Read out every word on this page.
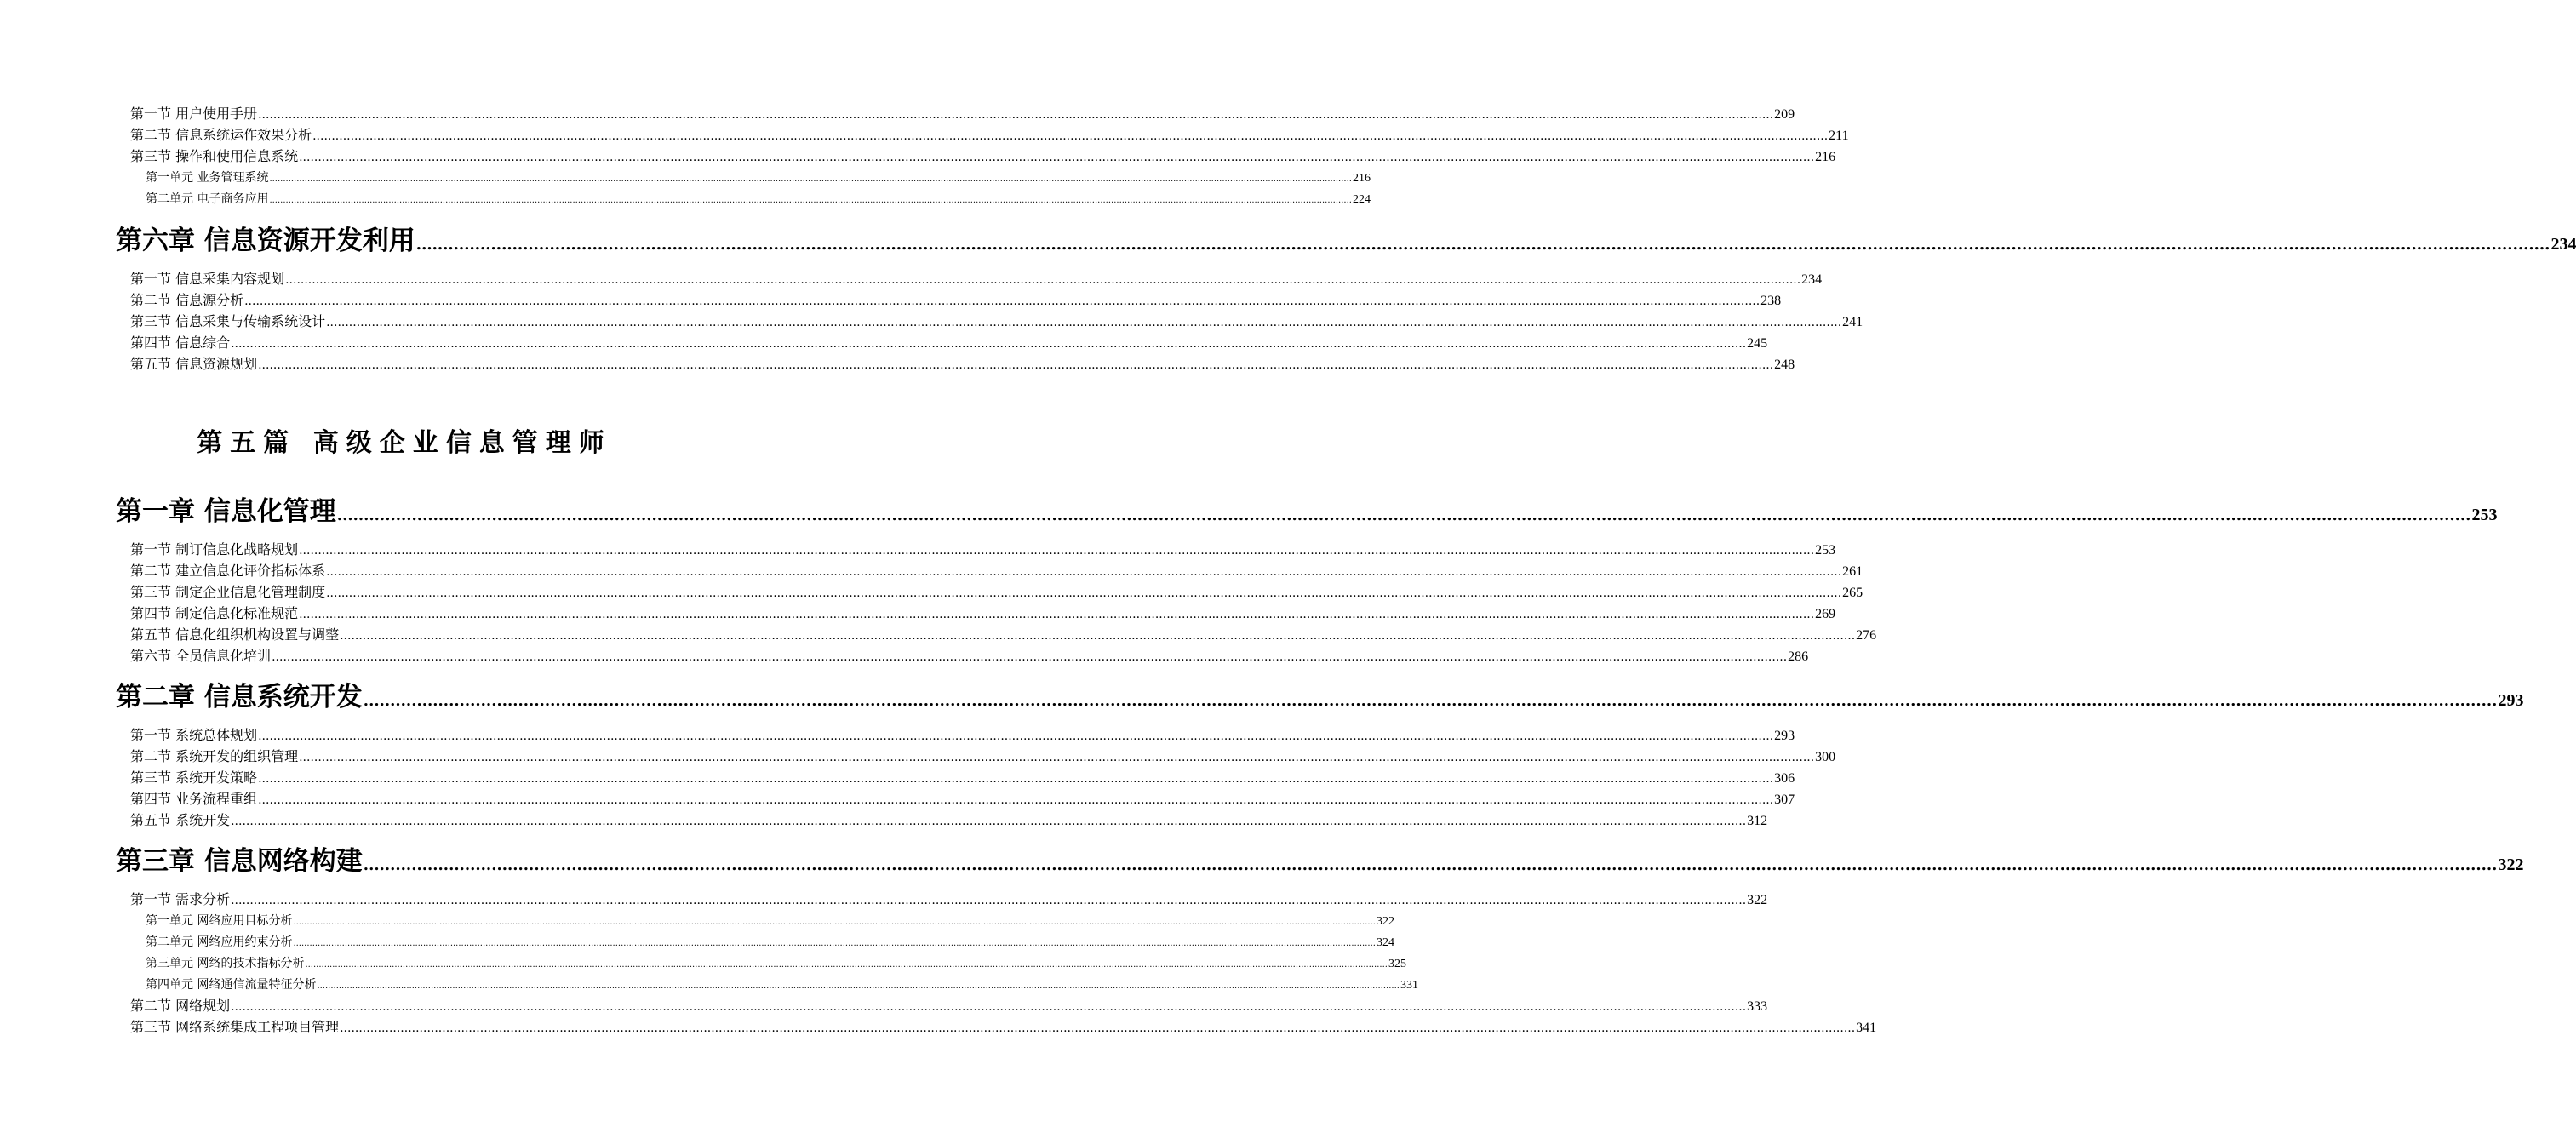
第五篇 高级企业信息管理师
第一节 用户使用手册 ................................................................................................................................................................................................................................................................................................................................................................................................................ 209
第二节 信息系统运作效果分析 ................................................................................................................................................................................................................................................................................................................................................................................................................ 211
第三节 操作和使用信息系统 ................................................................................................................................................................................................................................................................................................................................................................................................................ 216
第一单元 业务管理系统 ................................................................................................................................................................................................................................................................................................................................................................................................................ 216
第二单元 电子商务应用 ................................................................................................................................................................................................................................................................................................................................................................................................................ 224
第六章 信息资源开发利用 ................................................................................................................................................................................................................................................................................................................................................................................................................ 234
第一节 信息采集内容规划 ................................................................................................................................................................................................................................................................................................................................................................................................................ 234
第二节 信息源分析 ................................................................................................................................................................................................................................................................................................................................................................................................................ 238
第三节 信息采集与传输系统设计 ................................................................................................................................................................................................................................................................................................................................................................................................................ 241
第四节 信息综合 ................................................................................................................................................................................................................................................................................................................................................................................................................ 245
第五节 信息资源规划 ................................................................................................................................................................................................................................................................................................................................................................................................................ 248
第一章 信息化管理 ................................................................................................................................................................................................................................................................................................................................................................................................................ 253
第一节 制订信息化战略规划 ................................................................................................................................................................................................................................................................................................................................................................................................................ 253
第二节 建立信息化评价指标体系 ................................................................................................................................................................................................................................................................................................................................................................................................................ 261
第三节 制定企业信息化管理制度 ................................................................................................................................................................................................................................................................................................................................................................................................................ 265
第四节 制定信息化标准规范 ................................................................................................................................................................................................................................................................................................................................................................................................................ 269
第五节 信息化组织机构设置与调整 ................................................................................................................................................................................................................................................................................................................................................................................................................ 276
第六节 全员信息化培训 ................................................................................................................................................................................................................................................................................................................................................................................................................ 286
第二章 信息系统开发 ................................................................................................................................................................................................................................................................................................................................................................................................................ 293
第一节 系统总体规划 ................................................................................................................................................................................................................................................................................................................................................................................................................ 293
第二节 系统开发的组织管理 ................................................................................................................................................................................................................................................................................................................................................................................................................ 300
第三节 系统开发策略 ................................................................................................................................................................................................................................................................................................................................................................................................................ 306
第四节 业务流程重组 ................................................................................................................................................................................................................................................................................................................................................................................................................ 307
第五节 系统开发 ................................................................................................................................................................................................................................................................................................................................................................................................................ 312
第三章 信息网络构建 ................................................................................................................................................................................................................................................................................................................................................................................................................ 322
第一节 需求分析 ................................................................................................................................................................................................................................................................................................................................................................................................................ 322
第一单元 网络应用目标分析 ................................................................................................................................................................................................................................................................................................................................................................................................................ 322
第二单元 网络应用约束分析 ................................................................................................................................................................................................................................................................................................................................................................................................................ 324
第三单元 网络的技术指标分析 ................................................................................................................................................................................................................................................................................................................................................................................................................ 325
第四单元 网络通信流量特征分析 ................................................................................................................................................................................................................................................................................................................................................................................................................ 331
第二节 网络规划 ................................................................................................................................................................................................................................................................................................................................................................................................................ 333
第三节 网络系统集成工程项目管理 ................................................................................................................................................................................................................................................................................................................................................................................................................ 341
